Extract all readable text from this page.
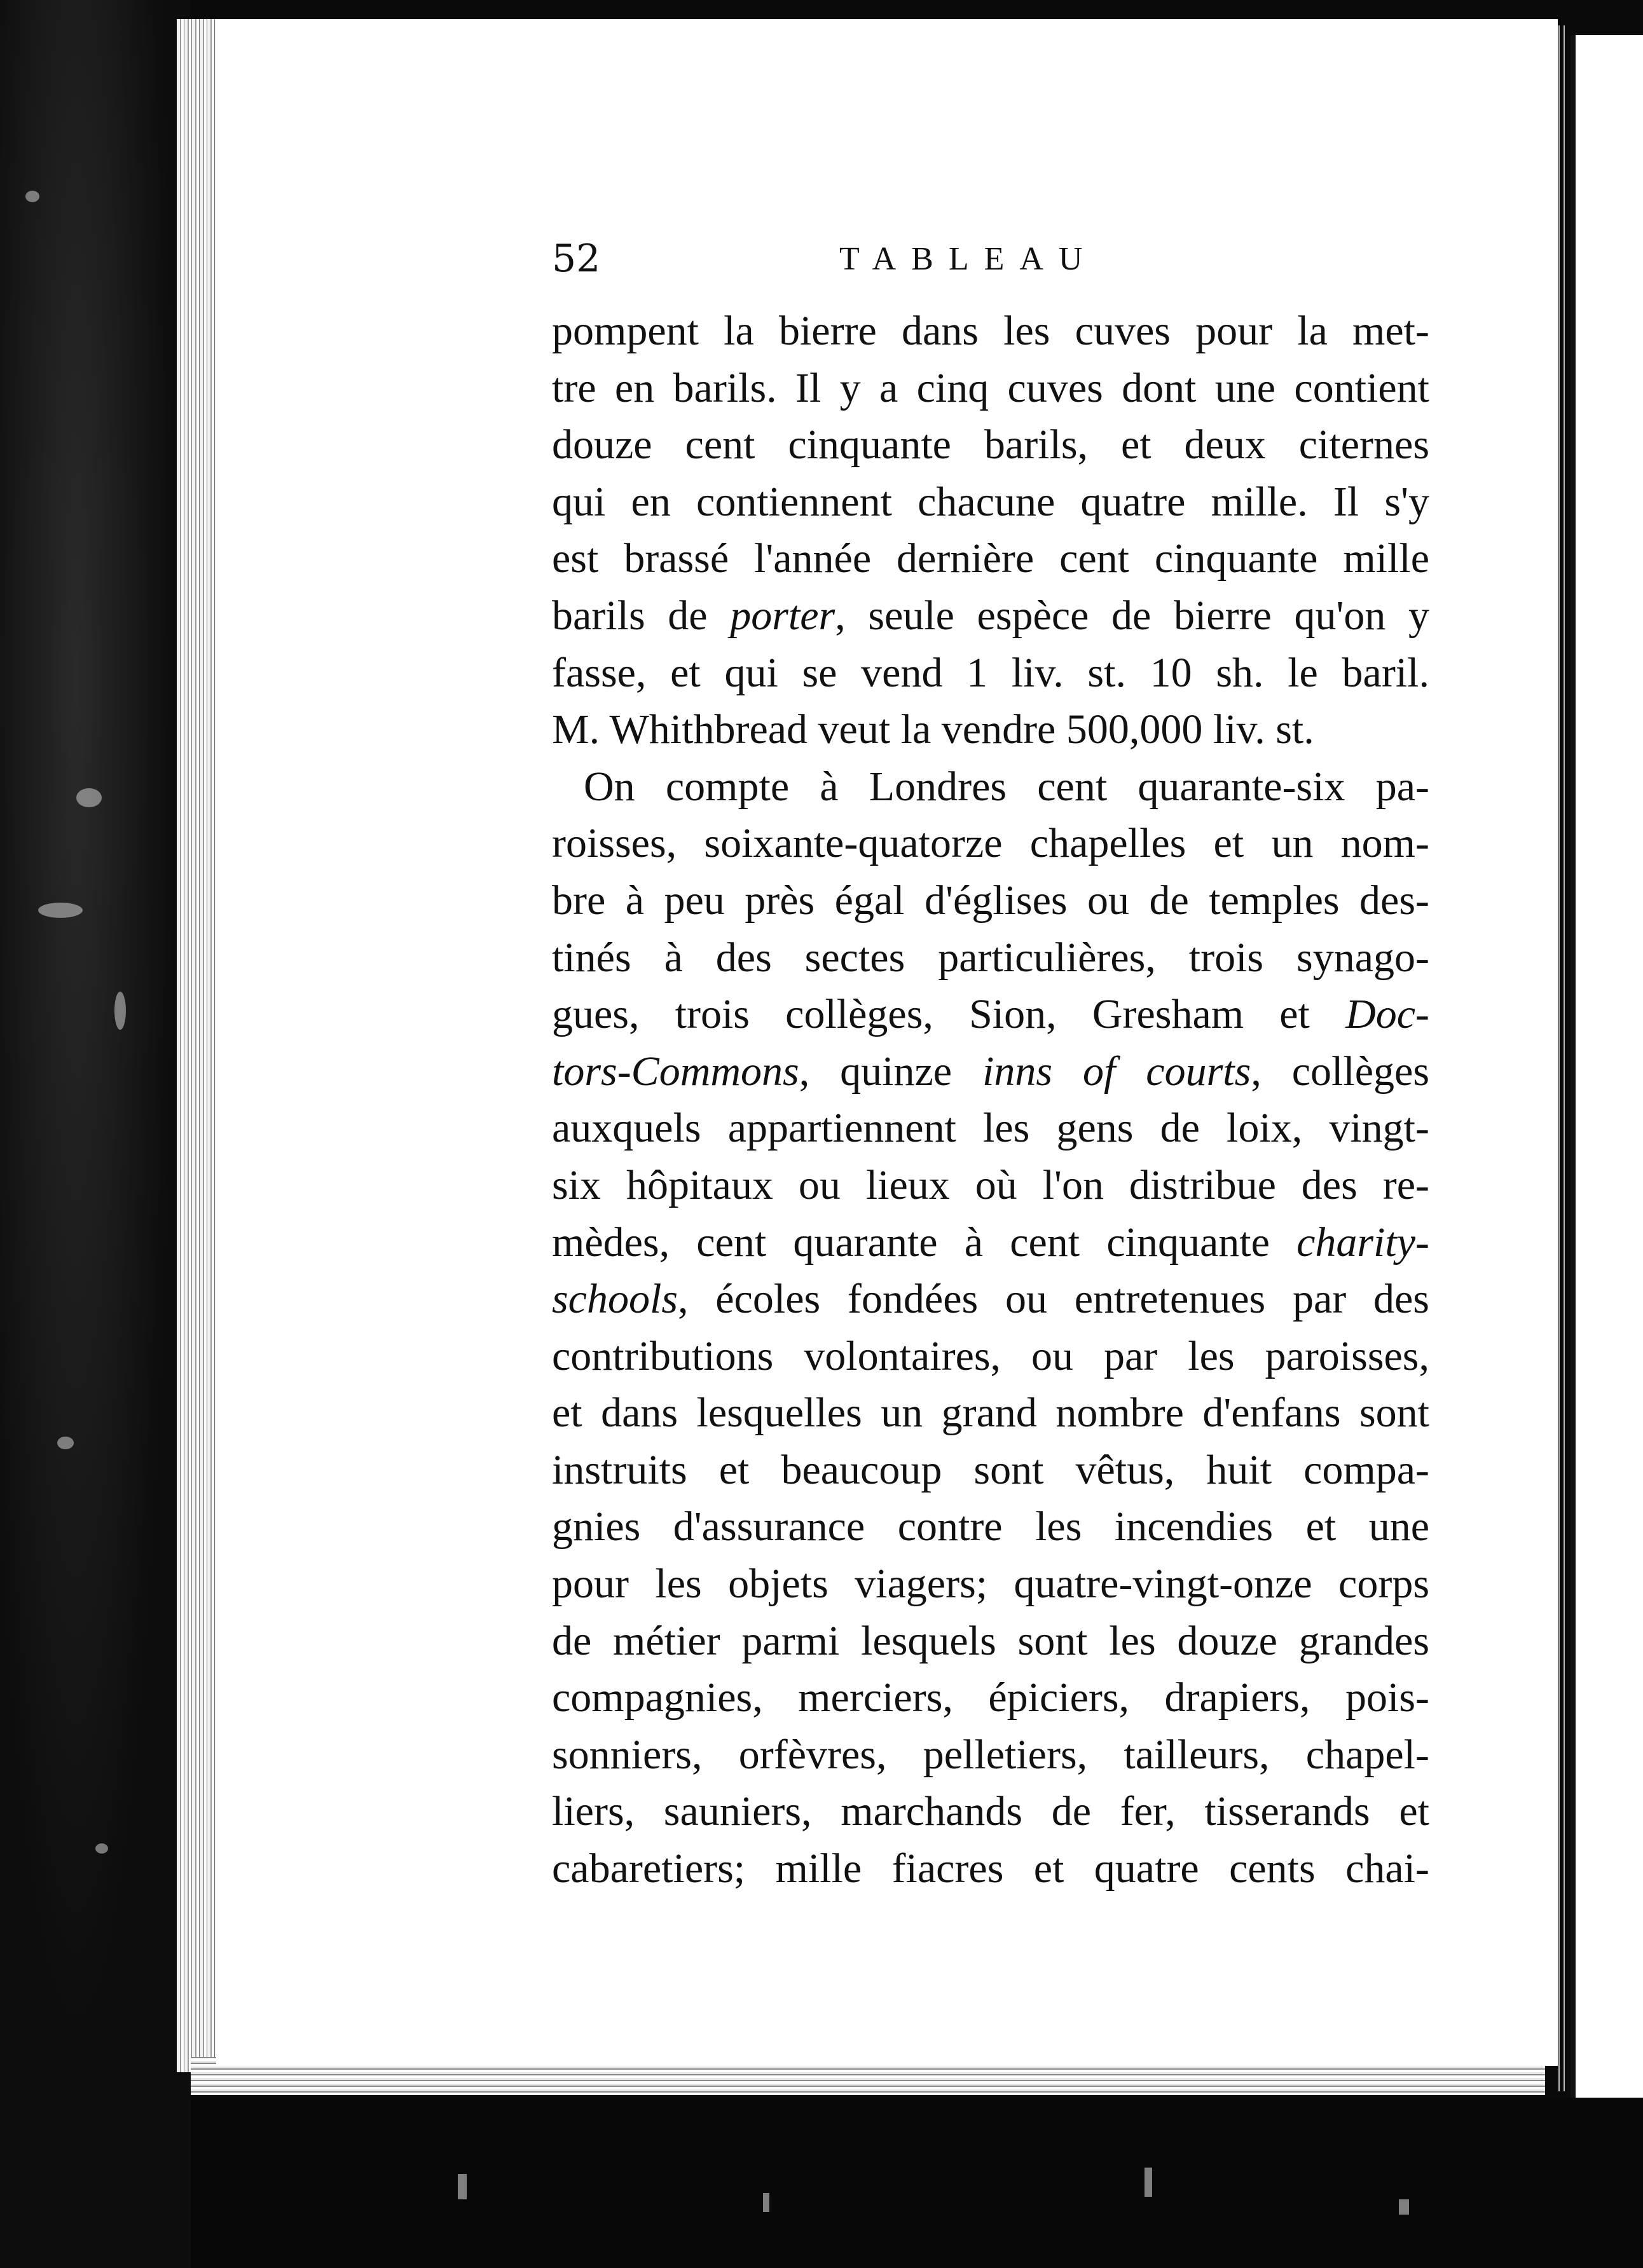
52	TABLEAU
pompent la bierre dans les cuves pour la met-
tre en barils. Il y a cinq cuves dont une contient
douze cent cinquante barils, et deux citernes
qui en contiennent chacune quatre mille. Il s'y
est brassé l'année dernière cent cinquante mille
barils de porter, seule espèce de bierre qu'on y
fasse, et qui se vend 1 liv. st. 10 sh. le baril.
M. Whithbread veut la vendre 500,000 liv. st.
On compte à Londres cent quarante-six pa-
roisses, soixante-quatorze chapelles et un nom-
bre à peu près égal d'églises ou de temples des-
tinés à des sectes particulières, trois synago-
gues, trois collèges, Sion, Gresham et Doc-
tors-Commons, quinze inns of courts, collèges
auxquels appartiennent les gens de loix, vingt-
six hôpitaux ou lieux où l'on distribue des re-
mèdes, cent quarante à cent cinquante charity-
schools, écoles fondées ou entretenues par des
contributions volontaires, ou par les paroisses,
et dans lesquelles un grand nombre d'enfans sont
instruits et beaucoup sont vêtus, huit compa-
gnies d'assurance contre les incendies et une
pour les objets viagers; quatre-vingt-onze corps
de métier parmi lesquels sont les douze grandes
compagnies, merciers, épiciers, drapiers, pois-
sonniers, orfèvres, pelletiers, tailleurs, chapel-
liers, sauniers, marchands de fer, tisserands et
cabaretiers; mille fiacres et quatre cents chai-
